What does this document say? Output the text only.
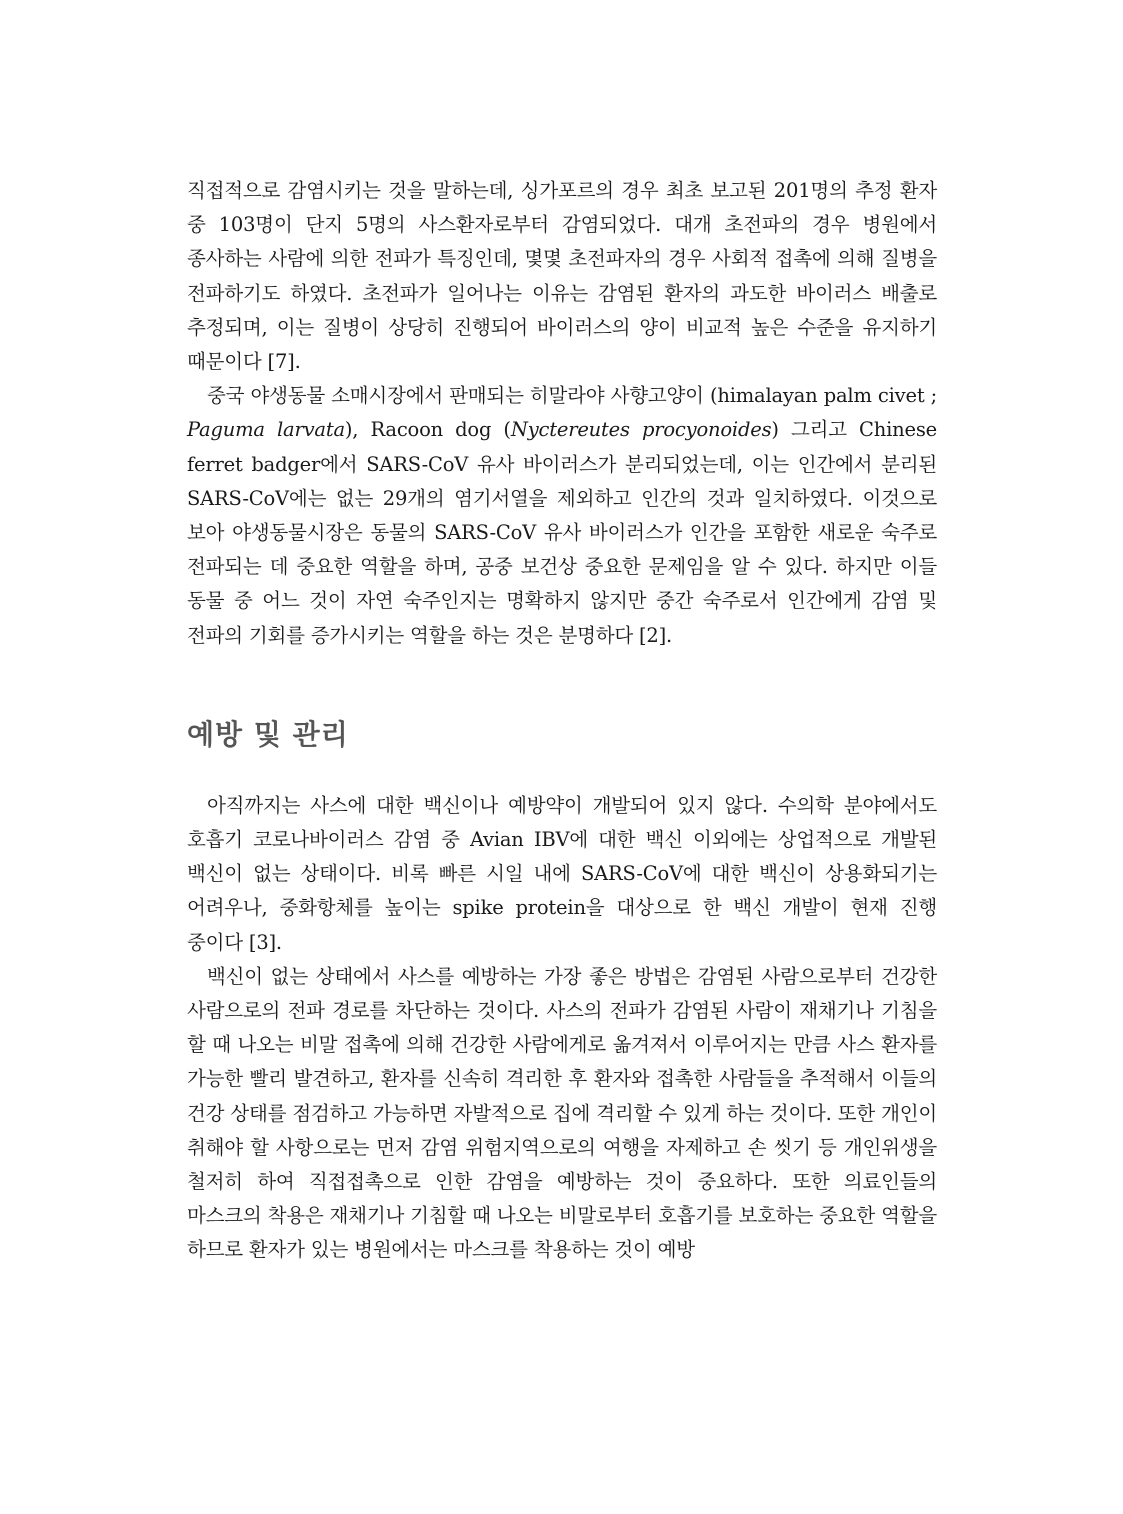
직접적으로 감염시키는 것을 말하는데, 싱가포르의 경우 최초 보고된 201명의 추정 환자 중 103명이 단지 5명의 사스환자로부터 감염되었다. 대개 초전파의 경우 병원에서 종사하는 사람에 의한 전파가 특징인데, 몇몇 초전파자의 경우 사회적 접촉에 의해 질병을 전파하기도 하였다. 초전파가 일어나는 이유는 감염된 환자의 과도한 바이러스 배출로 추정되며, 이는 질병이 상당히 진행되어 바이러스의 양이 비교적 높은 수준을 유지하기 때문이다 [7].

중국 야생동물 소매시장에서 판매되는 히말라야 사향고양이 (himalayan palm civet ; Paguma larvata), Racoon dog (Nyctereutes procyonoides) 그리고 Chinese ferret badger에서 SARS-CoV 유사 바이러스가 분리되었는데, 이는 인간에서 분리된 SARS-CoV에는 없는 29개의 염기서열을 제외하고 인간의 것과 일치하였다. 이것으로 보아 야생동물시장은 동물의 SARS-CoV 유사 바이러스가 인간을 포함한 새로운 숙주로 전파되는 데 중요한 역할을 하며, 공중 보건상 중요한 문제임을 알 수 있다. 하지만 이들 동물 중 어느 것이 자연 숙주인지는 명확하지 않지만 중간 숙주로서 인간에게 감염 및 전파의 기회를 증가시키는 역할을 하는 것은 분명하다 [2].

예방 및 관리

아직까지는 사스에 대한 백신이나 예방약이 개발되어 있지 않다. 수의학 분야에서도 호흡기 코로나바이러스 감염 중 Avian IBV에 대한 백신 이외에는 상업적으로 개발된 백신이 없는 상태이다. 비록 빠른 시일 내에 SARS-CoV에 대한 백신이 상용화되기는 어려우나, 중화항체를 높이는 spike protein을 대상으로 한 백신 개발이 현재 진행 중이다 [3].

백신이 없는 상태에서 사스를 예방하는 가장 좋은 방법은 감염된 사람으로부터 건강한 사람으로의 전파 경로를 차단하는 것이다. 사스의 전파가 감염된 사람이 재채기나 기침을 할 때 나오는 비말 접촉에 의해 건강한 사람에게로 옮겨져서 이루어지는 만큼 사스 환자를 가능한 빨리 발견하고, 환자를 신속히 격리한 후 환자와 접촉한 사람들을 추적해서 이들의 건강 상태를 점검하고 가능하면 자발적으로 집에 격리할 수 있게 하는 것이다. 또한 개인이 취해야 할 사항으로는 먼저 감염 위험지역으로의 여행을 자제하고 손 씻기 등 개인위생을 철저히 하여 직접접촉으로 인한 감염을 예방하는 것이 중요하다. 또한 의료인들의 마스크의 착용은 재채기나 기침할 때 나오는 비말로부터 호흡기를 보호하는 중요한 역할을 하므로 환자가 있는 병원에서는 마스크를 착용하는 것이 예방
